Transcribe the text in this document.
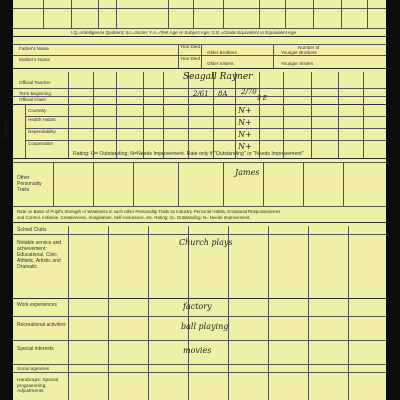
I.Q.=Intelligence Quotient; Sc.=Score; Y.A.=Test Age or Subject Age; G.E.=Grade Equivalent or Equivalent Age
Father's Name
Mother's Name
Year Died
Year Died
Older Brothers
Older Sisters
Number of
Younger Brothers
Younger Sisters
Official Teacher
Term Beginning
Official Class
Rating in
Courtesy
Health Habits
Dependability
Cooperation
Rating: O= Outstanding; N=Needs Improvement. Rate only if "Outstanding" or "Needs Improvement"
Seagall Rayner
2/61 8A 2/70
9 E
N+
N+
N+
N+
Other Personality Traits
James
Rate on Basis of Pupil's Strength or Weakness in such other Personality Traits as Industry, Personal Habits, Emotional Responsiveness
and Control, Initiative, Creativeness, Imagination, Self-Assurance, etc. Rating: O= Outstanding; N= Needs Improvement.
School Clubs
Notable service and achievement: Educational, Civic, Athletic, Artistic and Dramatic
Work experiences
Recreational activities
Special interests
Social agencies
Handicaps; Special programming; Adjustments
Church plays
factory
ball playing
movies
